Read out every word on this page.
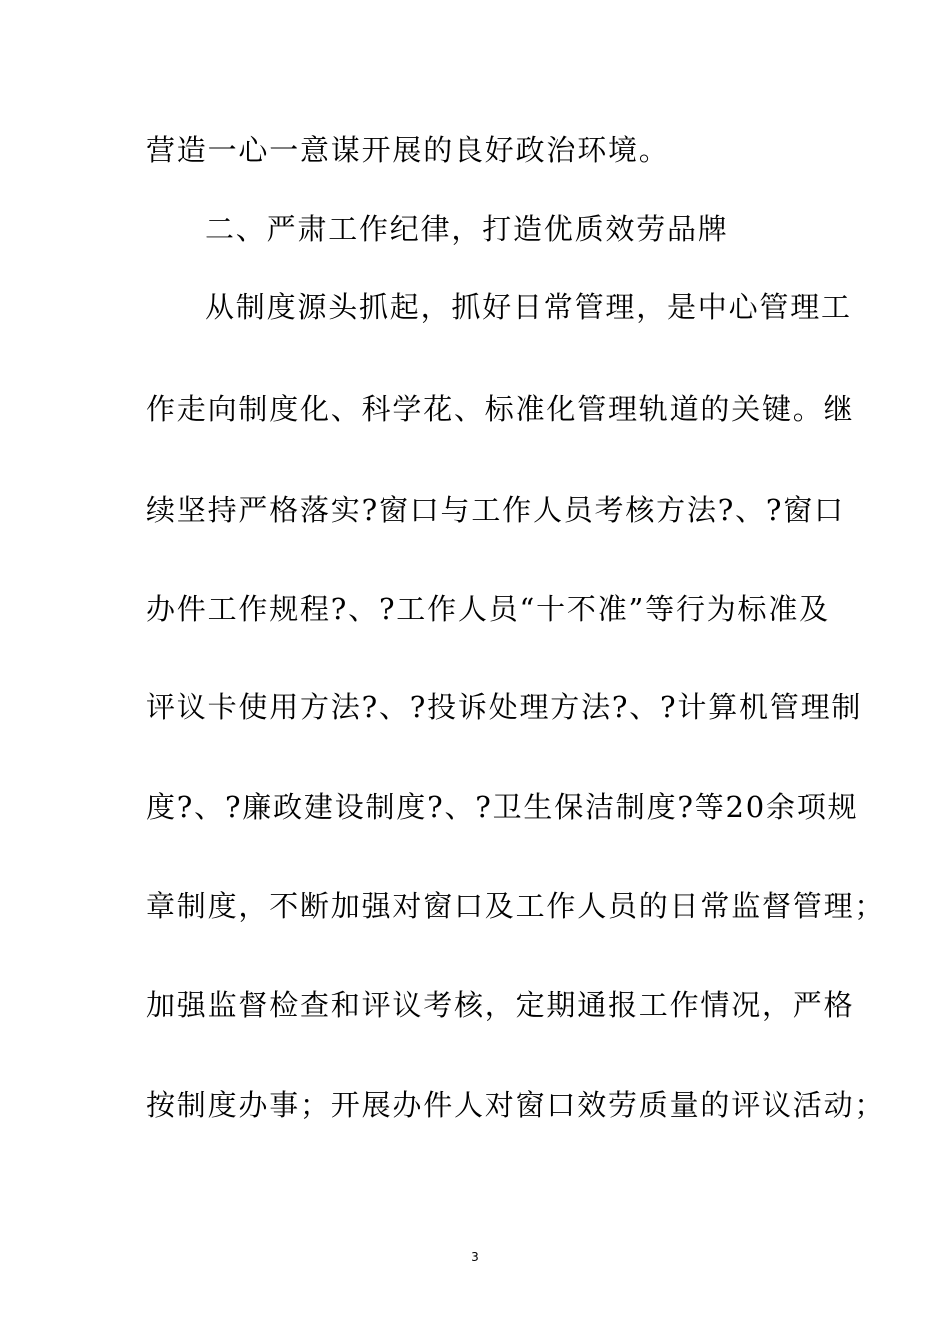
营造一心一意谋开展的良好政治环境。
二、严肃工作纪律，打造优质效劳品牌
从制度源头抓起，抓好日常管理，是中心管理工
作走向制度化、科学花、标准化管理轨道的关键。继
续坚持严格落实?窗口与工作人员考核方法?、?窗口
办件工作规程?、?工作人员“十不准”等行为标准及
评议卡使用方法?、?投诉处理方法?、?计算机管理制
度?、?廉政建设制度?、?卫生保洁制度?等20余项规
章制度，不断加强对窗口及工作人员的日常监督管理；
加强监督检查和评议考核，定期通报工作情况，严格
按制度办事；开展办件人对窗口效劳质量的评议活动；
3
